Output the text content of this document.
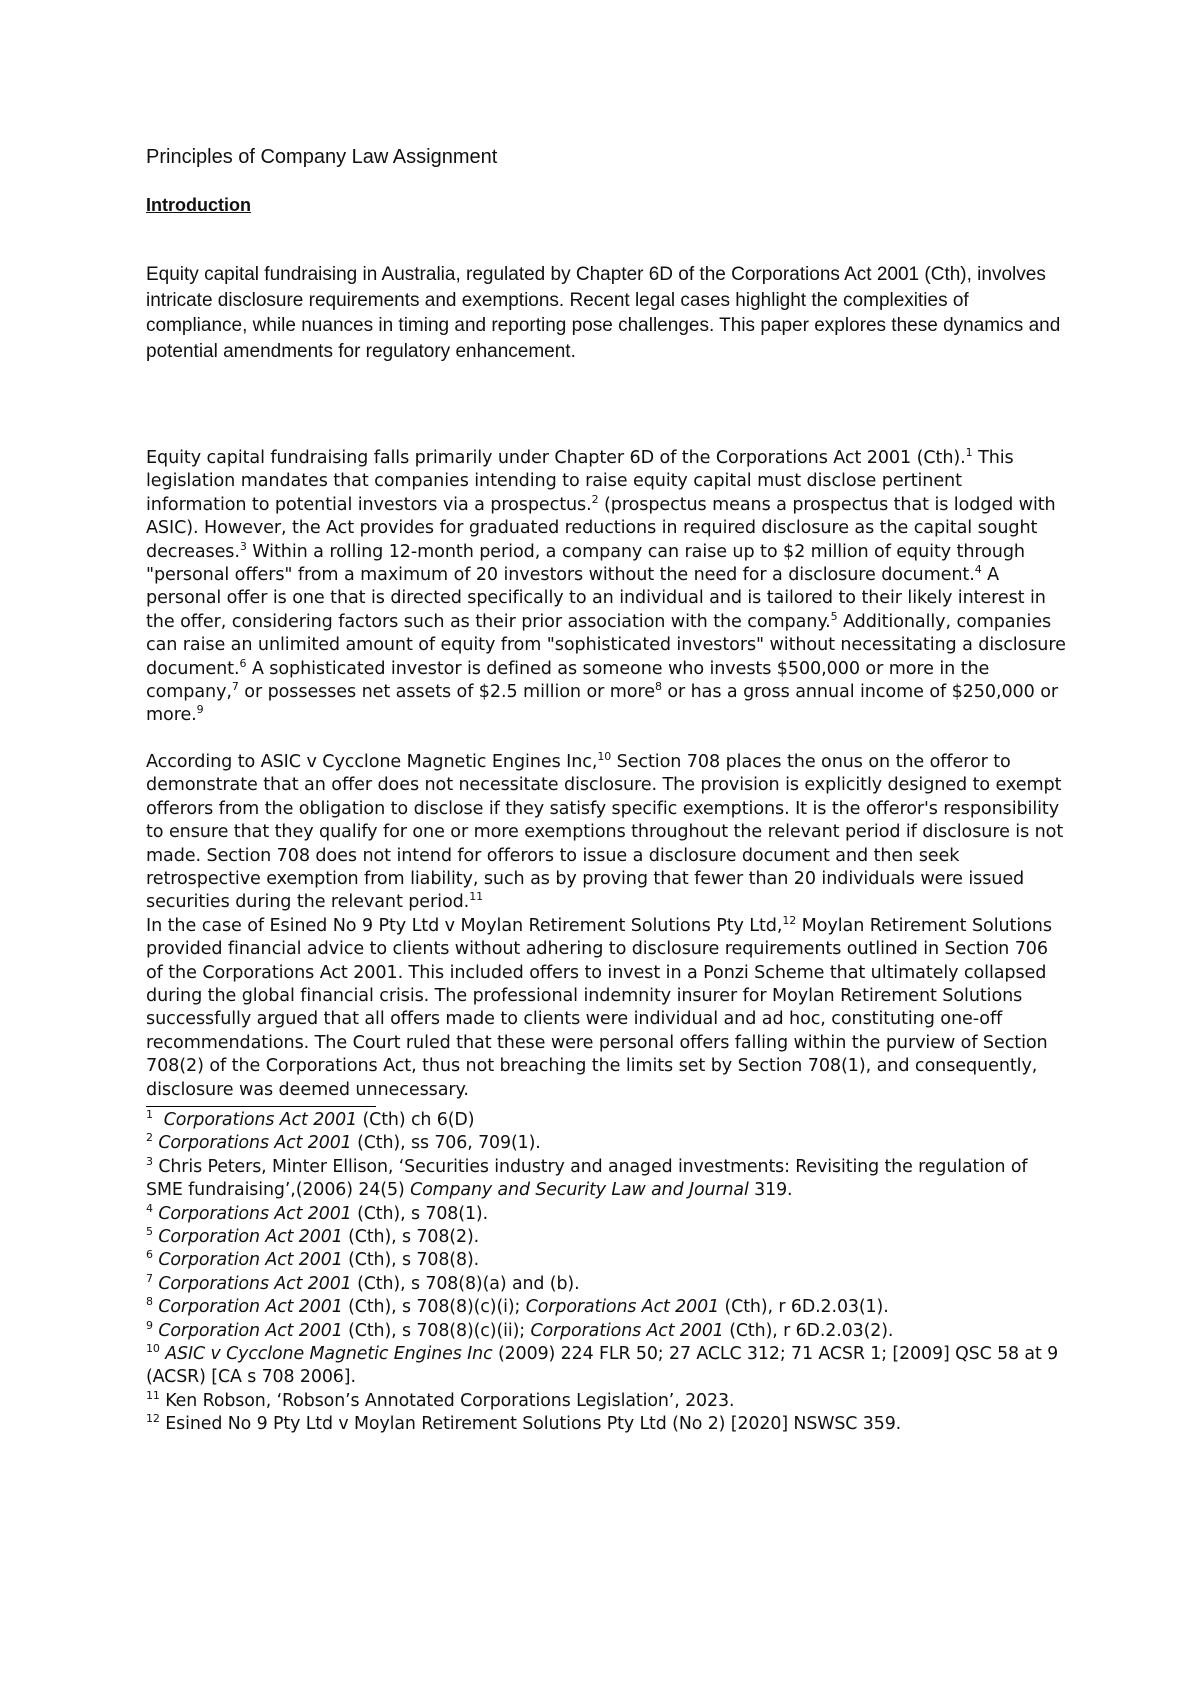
Principles of Company Law Assignment

Introduction

Equity capital fundraising in Australia, regulated by Chapter 6D of the Corporations Act 2001 (Cth), involves intricate disclosure requirements and exemptions. Recent legal cases highlight the complexities of compliance, while nuances in timing and reporting pose challenges. This paper explores these dynamics and potential amendments for regulatory enhancement.

Equity capital fundraising falls primarily under Chapter 6D of the Corporations Act 2001 (Cth).$^1$ This legislation mandates that companies intending to raise equity capital must disclose pertinent information to potential investors via a prospectus.$^2$ (prospectus means a prospectus that is lodged with ASIC). However, the Act provides for graduated reductions in required disclosure as the capital sought decreases.$^3$ Within a rolling 12-month period, a company can raise up to $2 million of equity through "personal offers" from a maximum of 20 investors without the need for a disclosure document.$^4$ A personal offer is one that is directed specifically to an individual and is tailored to their likely interest in the offer, considering factors such as their prior association with the company.$^5$ Additionally, companies can raise an unlimited amount of equity from "sophisticated investors" without necessitating a disclosure document.$^6$ A sophisticated investor is defined as someone who invests $500,000 or more in the company,$^7$ or possesses net assets of $2.5 million or more$^8$ or has a gross annual income of $250,000 or more.$^9$

According to ASIC v Cycclone Magnetic Engines Inc,$^{10}$ Section 708 places the onus on the offeror to demonstrate that an offer does not necessitate disclosure. The provision is explicitly designed to exempt offerors from the obligation to disclose if they satisfy specific exemptions. It is the offeror's responsibility to ensure that they qualify for one or more exemptions throughout the relevant period if disclosure is not made. Section 708 does not intend for offerors to issue a disclosure document and then seek retrospective exemption from liability, such as by proving that fewer than 20 individuals were issued securities during the relevant period.$^{11}$

In the case of Esined No 9 Pty Ltd v Moylan Retirement Solutions Pty Ltd,$^{12}$ Moylan Retirement Solutions provided financial advice to clients without adhering to disclosure requirements outlined in Section 706 of the Corporations Act 2001. This included offers to invest in a Ponzi Scheme that ultimately collapsed during the global financial crisis. The professional indemnity insurer for Moylan Retirement Solutions successfully argued that all offers made to clients were individual and ad hoc, constituting one-off recommendations. The Court ruled that these were personal offers falling within the purview of Section 708(2) of the Corporations Act, thus not breaching the limits set by Section 708(1), and consequently, disclosure was deemed unnecessary.

$^1$ Corporations Act 2001 (Cth) ch 6(D)

$^2$ Corporations Act 2001 (Cth), ss 706, 709(1).

$^3$ Chris Peters, Minter Ellison, ‘Securities industry and anaged investments: Revisiting the regulation of SME fundraising’,(2006) 24(5) Company and Security Law and Journal 319.

$^4$ Corporations Act 2001 (Cth), s 708(1).

$^5$ Corporation Act 2001 (Cth), s 708(2).

$^6$ Corporation Act 2001 (Cth), s 708(8).

$^7$ Corporations Act 2001 (Cth), s 708(8)(a) and (b).

$^8$ Corporation Act 2001 (Cth), s 708(8)(c)(i); Corporations Act 2001 (Cth), r 6D.2.03(1).

$^9$ Corporation Act 2001 (Cth), s 708(8)(c)(ii); Corporations Act 2001 (Cth), r 6D.2.03(2).

$^{10}$ ASIC v Cycclone Magnetic Engines Inc (2009) 224 FLR 50; 27 ACLC 312; 71 ACSR 1; [2009] QSC 58 at 9 (ACSR) [CA s 708 2006].

$^{11}$ Ken Robson, ‘Robson’s Annotated Corporations Legislation’, 2023.

$^{12}$ Esined No 9 Pty Ltd v Moylan Retirement Solutions Pty Ltd (No 2) [2020] NSWSC 359.
